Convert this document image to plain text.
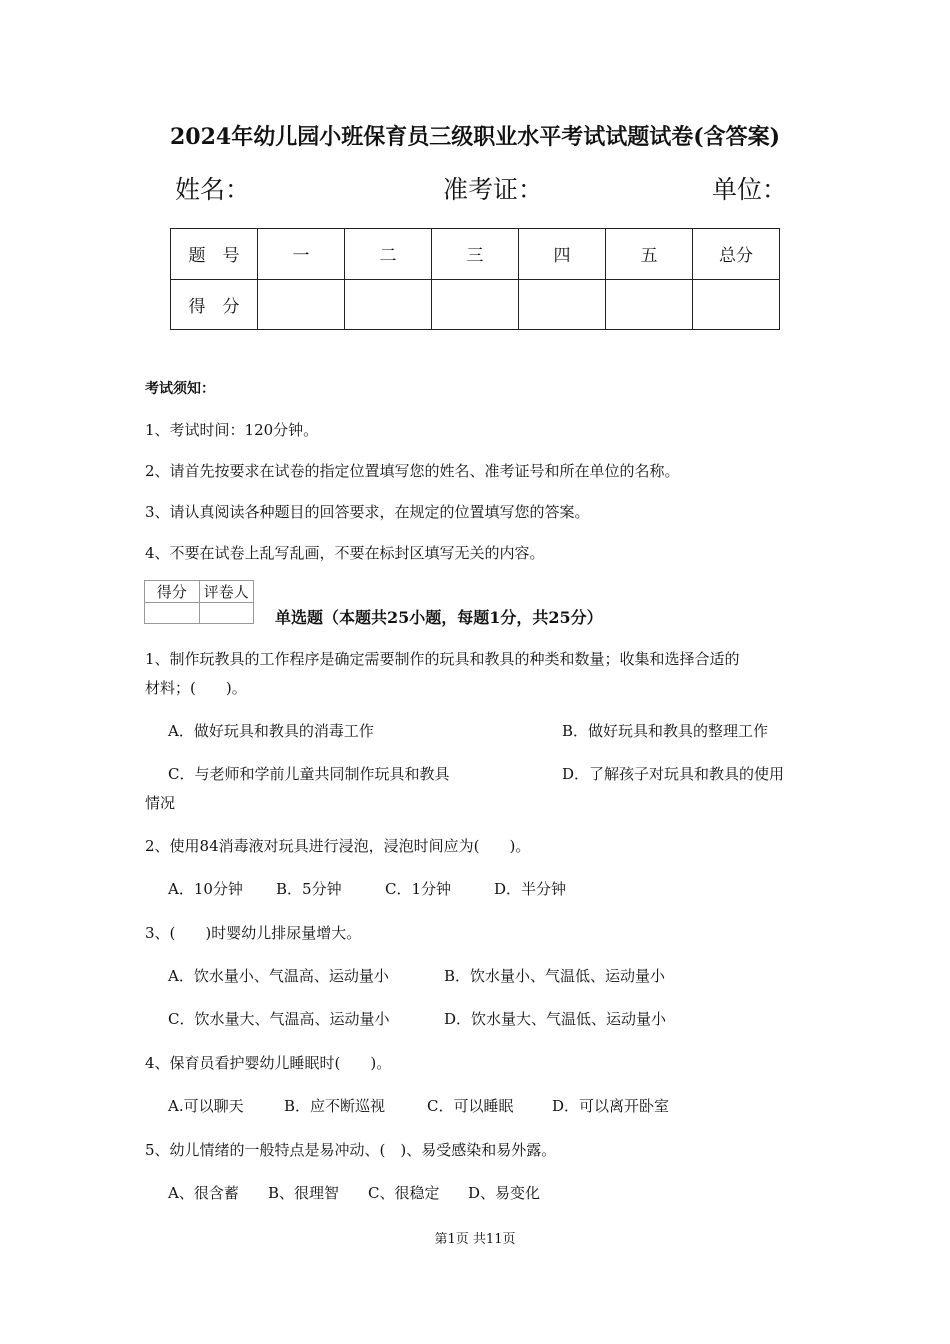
2024年幼儿园小班保育员三级职业水平考试试题试卷(含答案)
姓名：	准考证：	单位：
题　号	一	二	三	四	五	总分
得　分						
考试须知：
1、考试时间：120分钟。
2、请首先按要求在试卷的指定位置填写您的姓名、准考证号和所在单位的名称。
3、请认真阅读各种题目的回答要求，在规定的位置填写您的答案。
4、不要在试卷上乱写乱画，不要在标封区填写无关的内容。
得分	评卷人

单选题（本题共25小题，每题1分，共25分）
1、制作玩教具的工作程序是确定需要制作的玩具和教具的种类和数量；收集和选择合适的
材料；(　　)。
A．做好玩具和教具的消毒工作	B．做好玩具和教具的整理工作
C．与老师和学前儿童共同制作玩具和教具	D．了解孩子对玩具和教具的使用
情况
2、使用84消毒液对玩具进行浸泡，浸泡时间应为(　　)。
A．10分钟 B．5分钟	C．1分钟	D．半分钟
3、(　　)时婴幼儿排尿量增大。
A．饮水量小、气温高、运动量小	B．饮水量小、气温低、运动量小
C．饮水量大、气温高、运动量小	D．饮水量大、气温低、运动量小
4、保育员看护婴幼儿睡眠时(　　)。
A.可以聊天	B．应不断巡视	C．可以睡眠	D．可以离开卧室
5、幼儿情绪的一般特点是易冲动、(　)、易受感染和易外露。
A、很含蓄 B、很理智 C、很稳定 D、易变化
第1页 共11页
